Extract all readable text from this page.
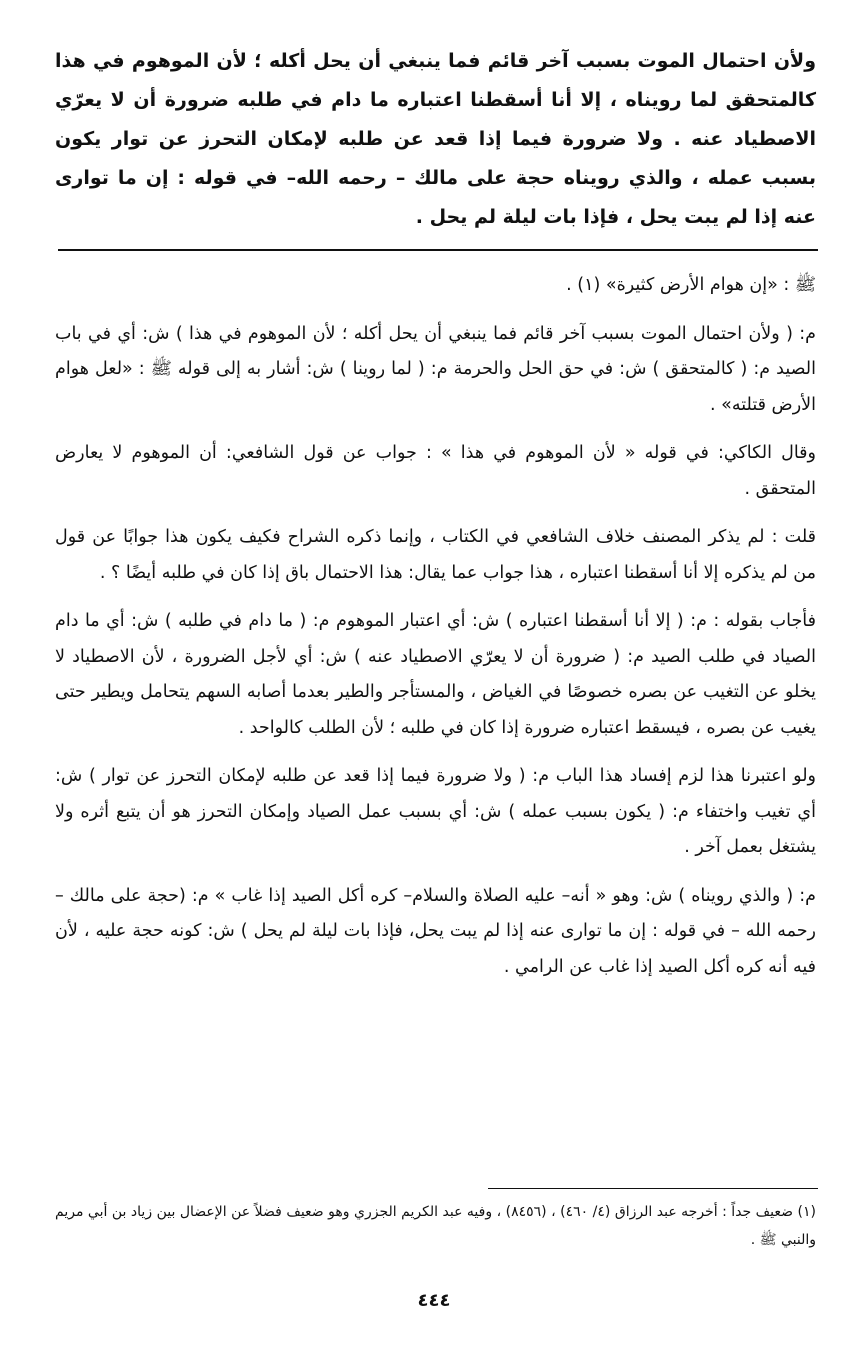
ولأن احتمال الموت بسبب آخر قائم فما ينبغي أن يحل أكله ؛ لأن الموهوم في هذا كالمتحقق لما رويناه ، إلا أنا أسقطنا اعتباره ما دام في طلبه ضرورة أن لا يعرّي الاصطياد عنه . ولا ضرورة فيما إذا قعد عن طلبه لإمكان التحرز عن توار يكون بسبب عمله ، والذي رويناه حجة على مالك – رحمه الله– في قوله : إن ما توارى عنه إذا لم يبت يحل ، فإذا بات ليلة لم يحل .

ﷺ : «إن هوام الأرض كثيرة» (١) .

م: ( ولأن احتمال الموت بسبب آخر قائم فما ينبغي أن يحل أكله ؛ لأن الموهوم في هذا ) ش: أي في باب الصيد م: ( كالمتحقق ) ش: في حق الحل والحرمة م: ( لما روينا ) ش: أشار به إلى قوله ﷺ : «لعل هوام الأرض قتلته» .

وقال الكاكي: في قوله « لأن الموهوم في هذا » : جواب عن قول الشافعي: أن الموهوم لا يعارض المتحقق .

قلت : لم يذكر المصنف خلاف الشافعي في الكتاب ، وإنما ذكره الشراح فكيف يكون هذا جوابًا عن قول من لم يذكره إلا أنا أسقطنا اعتباره ، هذا جواب عما يقال: هذا الاحتمال باق إذا كان في طلبه أيضًا ؟ .

فأجاب بقوله : م: ( إلا أنا أسقطنا اعتباره ) ش: أي اعتبار الموهوم م: ( ما دام في طلبه ) ش: أي ما دام الصياد في طلب الصيد م: ( ضرورة أن لا يعرّي الاصطياد عنه ) ش: أي لأجل الضرورة ، لأن الاصطياد لا يخلو عن التغيب عن بصره خصوصًا في الغياض ، والمستأجر والطير بعدما أصابه السهم يتحامل ويطير حتى يغيب عن بصره ، فيسقط اعتباره ضرورة إذا كان في طلبه ؛ لأن الطلب كالواحد .

ولو اعتبرنا هذا لزم إفساد هذا الباب م: ( ولا ضرورة فيما إذا قعد عن طلبه لإمكان التحرز عن توار ) ش: أي تغيب واختفاء م: ( يكون بسبب عمله ) ش: أي بسبب عمل الصياد وإمكان التحرز هو أن يتبع أثره ولا يشتغل بعمل آخر .

م: ( والذي رويناه ) ش: وهو « أنه– عليه الصلاة والسلام– كره أكل الصيد إذا غاب » م: (حجة على مالك – رحمه الله – في قوله : إن ما توارى عنه إذا لم يبت يحل، فإذا بات ليلة لم يحل ) ش: كونه حجة عليه ، لأن فيه أنه كره أكل الصيد إذا غاب عن الرامي .

(١) ضعيف جداً : أخرجه عبد الرزاق (٤/ ٤٦٠) ، (٨٤٥٦) ، وفيه عبد الكريم الجزري وهو ضعيف فضلاً عن الإعضال بين زياد بن أبي مريم والنبي ﷺ .
٤٤٤
